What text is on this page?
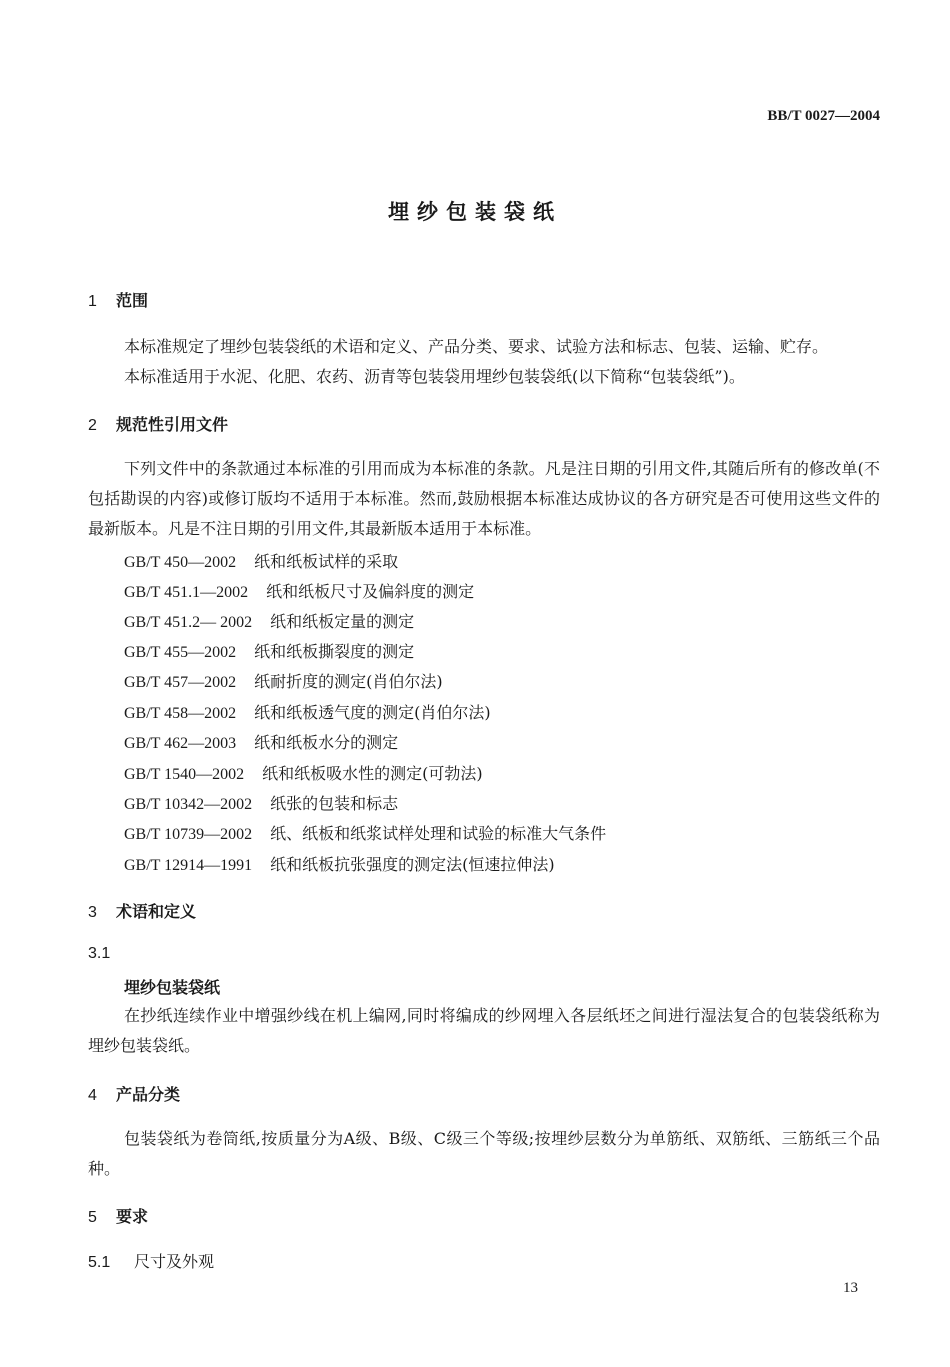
BB/T 0027—2004
埋纱包装袋纸
1 范围
本标准规定了埋纱包装袋纸的术语和定义、产品分类、要求、试验方法和标志、包装、运输、贮存。
本标准适用于水泥、化肥、农药、沥青等包装袋用埋纱包装袋纸(以下简称“包装袋纸”)。
2 规范性引用文件
下列文件中的条款通过本标准的引用而成为本标准的条款。凡是注日期的引用文件,其随后所有的修改单(不包括勘误的内容)或修订版均不适用于本标准。然而,鼓励根据本标准达成协议的各方研究是否可使用这些文件的最新版本。凡是不注日期的引用文件,其最新版本适用于本标准。
GB/T 450—2002 纸和纸板试样的采取
GB/T 451.1—2002 纸和纸板尺寸及偏斜度的测定
GB/T 451.2— 2002 纸和纸板定量的测定
GB/T 455—2002 纸和纸板撕裂度的测定
GB/T 457—2002 纸耐折度的测定(肖伯尔法)
GB/T 458—2002 纸和纸板透气度的测定(肖伯尔法)
GB/T 462—2003 纸和纸板水分的测定
GB/T 1540—2002 纸和纸板吸水性的测定(可勃法)
GB/T 10342—2002 纸张的包装和标志
GB/T 10739—2002 纸、纸板和纸浆试样处理和试验的标准大气条件
GB/T 12914—1991 纸和纸板抗张强度的测定法(恒速拉伸法)
3 术语和定义
3.1
埋纱包装袋纸
在抄纸连续作业中增强纱线在机上编网,同时将编成的纱网埋入各层纸坯之间进行湿法复合的包装袋纸称为埋纱包装袋纸。
4 产品分类
包装袋纸为卷筒纸,按质量分为A级、B级、C级三个等级;按埋纱层数分为单筋纸、双筋纸、三筋纸三个品种。
5 要求
5.1 尺寸及外观
13
